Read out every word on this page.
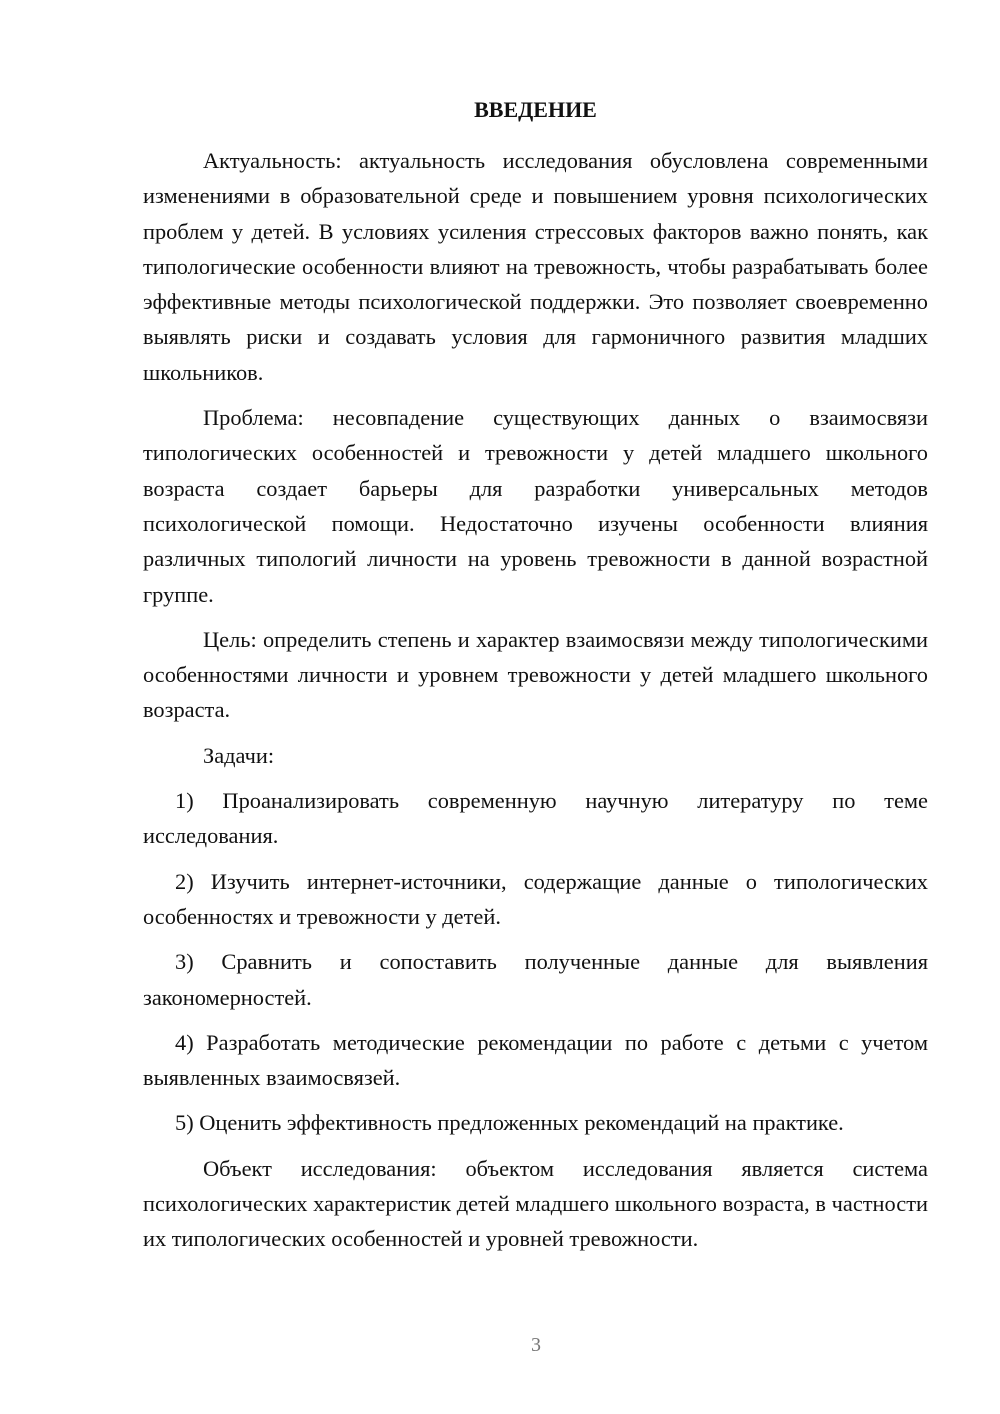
ВВЕДЕНИЕ

Актуальность: актуальность исследования обусловлена современными изменениями в образовательной среде и повышением уровня психологических проблем у детей. В условиях усиления стрессовых факторов важно понять, как типологические особенности влияют на тревожность, чтобы разрабатывать более эффективные методы психологической поддержки. Это позволяет своевременно выявлять риски и создавать условия для гармоничного развития младших школьников.

Проблема: несовпадение существующих данных о взаимосвязи типологических особенностей и тревожности у детей младшего школьного возраста создает барьеры для разработки универсальных методов психологической помощи. Недостаточно изучены особенности влияния различных типологий личности на уровень тревожности в данной возрастной группе.

Цель: определить степень и характер взаимосвязи между типологическими особенностями личности и уровнем тревожности у детей младшего школьного возраста.

Задачи:

1) Проанализировать современную научную литературу по теме исследования.

2) Изучить интернет-источники, содержащие данные о типологических особенностях и тревожности у детей.

3) Сравнить и сопоставить полученные данные для выявления закономерностей.

4) Разработать методические рекомендации по работе с детьми с учетом выявленных взаимосвязей.

5) Оценить эффективность предложенных рекомендаций на практике.

Объект исследования: объектом исследования является система психологических характеристик детей младшего школьного возраста, в частности их типологических особенностей и уровней тревожности.

3
